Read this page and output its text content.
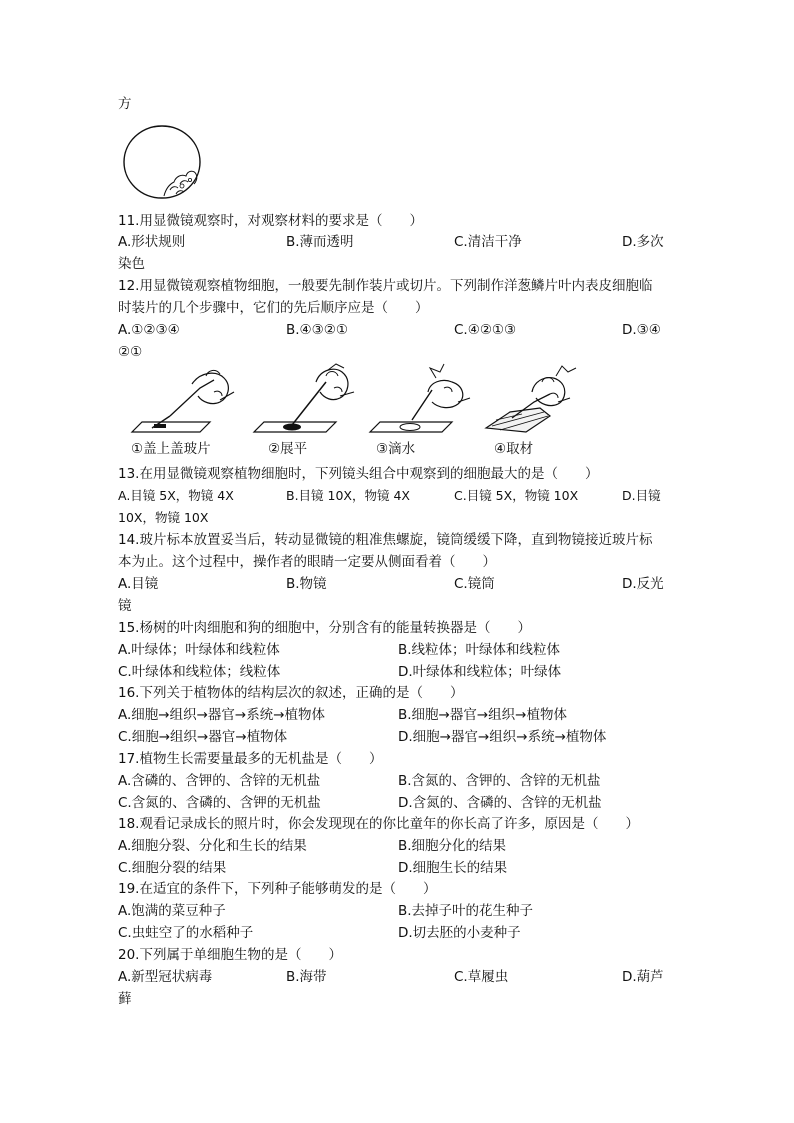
方
11.用显微镜观察时，对观察材料的要求是（　　）
A.形状规则	B.薄而透明	C.清洁干净	D.多次
染色
12.用显微镜观察植物细胞，一般要先制作装片或切片。下列制作洋葱鳞片叶内表皮细胞临
时装片的几个步骤中，它们的先后顺序应是（　　）
A.①②③④	B.④③②①	C.④②①③	D.③④
②①
①盖上盖玻片	②展平	③滴水	④取材
13.在用显微镜观察植物细胞时，下列镜头组合中观察到的细胞最大的是（　　）
A.目镜 5X，物镜 4X	B.目镜 10X，物镜 4X	C.目镜 5X，物镜 10X	D.目镜
10X，物镜 10X
14.玻片标本放置妥当后，转动显微镜的粗准焦螺旋，镜筒缓缓下降，直到物镜接近玻片标
本为止。这个过程中，操作者的眼睛一定要从侧面看着（　　）
A.目镜	B.物镜	C.镜筒	D.反光
镜
15.杨树的叶肉细胞和狗的细胞中，分别含有的能量转换器是（　　）
A.叶绿体；叶绿体和线粒体	B.线粒体；叶绿体和线粒体
C.叶绿体和线粒体；线粒体	D.叶绿体和线粒体；叶绿体
16.下列关于植物体的结构层次的叙述，正确的是（　　）
A.细胞→组织→器官→系统→植物体	B.细胞→器官→组织→植物体
C.细胞→组织→器官→植物体	D.细胞→器官→组织→系统→植物体
17.植物生长需要量最多的无机盐是（　　）
A.含磷的、含钾的、含锌的无机盐	B.含氮的、含钾的、含锌的无机盐
C.含氮的、含磷的、含钾的无机盐	D.含氮的、含磷的、含锌的无机盐
18.观看记录成长的照片时，你会发现现在的你比童年的你长高了许多，原因是（　　）
A.细胞分裂、分化和生长的结果	B.细胞分化的结果
C.细胞分裂的结果	D.细胞生长的结果
19.在适宜的条件下，下列种子能够萌发的是（　　）
A.饱满的菜豆种子	B.去掉子叶的花生种子
C.虫蛀空了的水稻种子	D.切去胚的小麦种子
20.下列属于单细胞生物的是（　　）
A.新型冠状病毒	B.海带	C.草履虫	D.葫芦
藓
